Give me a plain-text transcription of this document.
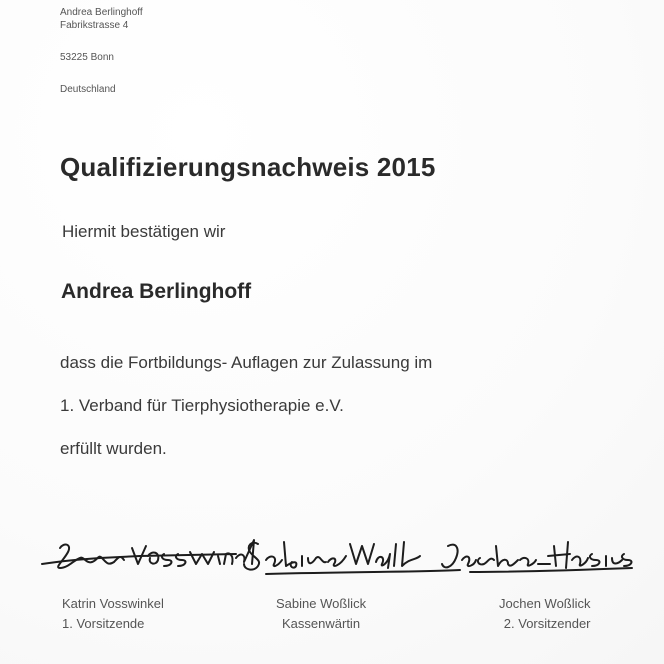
Andrea Berlinghoff
Fabrikstrasse 4
53225 Bonn
Deutschland
Qualifizierungsnachweis 2015
Hiermit bestätigen wir
Andrea Berlinghoff
dass die Fortbildungs- Auflagen zur Zulassung im
1. Verband für Tierphysiotherapie e.V.
erfüllt wurden.
Katrin Vosswinkel
1. Vorsitzende
Sabine Woßlick
Kassenwärtin
Jochen Woßlick
2. Vorsitzender
